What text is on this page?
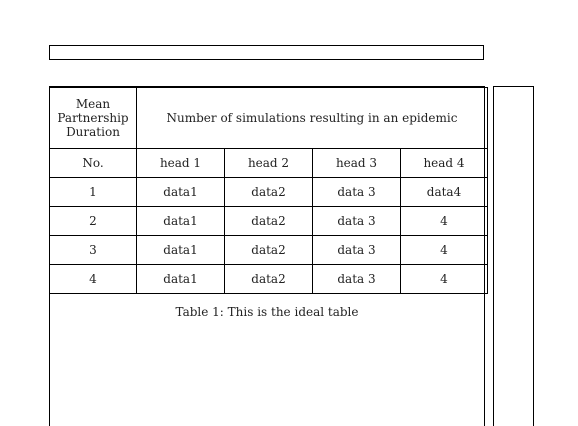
Mean
Partnership
Duration	Number of simulations resulting in an epidemic			
No.	head 1	head 2	head 3	head 4
1	data1	data2	data 3	data4
2	data1	data2	data 3	4
3	data1	data2	data 3	4
4	data1	data2	data 3	4
Table 1: This is the ideal table
